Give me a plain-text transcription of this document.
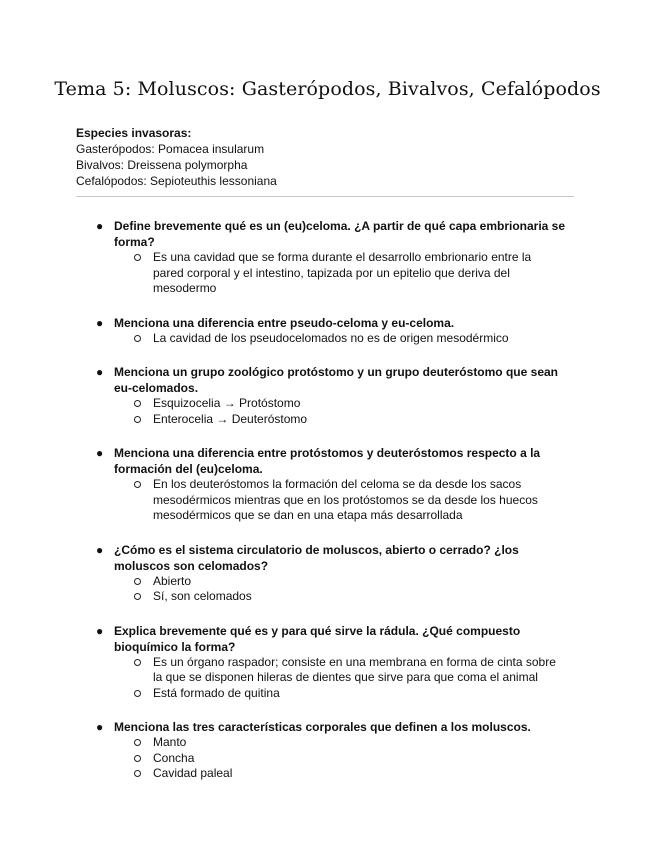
Tema 5: Moluscos: Gasterópodos, Bivalvos, Cefalópodos
Especies invasoras:
Gasterópodos: Pomacea insularum
Bivalvos: Dreissena polymorpha
Cefalópodos: Sepioteuthis lessoniana
● Define brevemente qué es un (eu)celoma. ¿A partir de qué capa embrionaria se forma?
Es una cavidad que se forma durante el desarrollo embrionario entre la pared corporal y el intestino, tapizada por un epitelio que deriva del mesodermo
● Menciona una diferencia entre pseudo-celoma y eu-celoma.
La cavidad de los pseudocelomados no es de origen mesodérmico
● Menciona un grupo zoológico protóstomo y un grupo deuteróstomo que sean eu-celomados.
Esquizocelia → Protóstomo
Enterocelia → Deuteróstomo
● Menciona una diferencia entre protóstomos y deuteróstomos respecto a la formación del (eu)celoma.
En los deuteróstomos la formación del celoma se da desde los sacos mesodérmicos mientras que en los protóstomos se da desde los huecos mesodérmicos que se dan en una etapa más desarrollada
● ¿Cómo es el sistema circulatorio de moluscos, abierto o cerrado? ¿los moluscos son celomados?
Abierto
Sí, son celomados
● Explica brevemente qué es y para qué sirve la rádula. ¿Qué compuesto bioquímico la forma?
Es un órgano raspador; consiste en una membrana en forma de cinta sobre la que se disponen hileras de dientes que sirve para que coma el animal
Está formado de quitina
● Menciona las tres características corporales que definen a los moluscos.
Manto
Concha
Cavidad paleal
